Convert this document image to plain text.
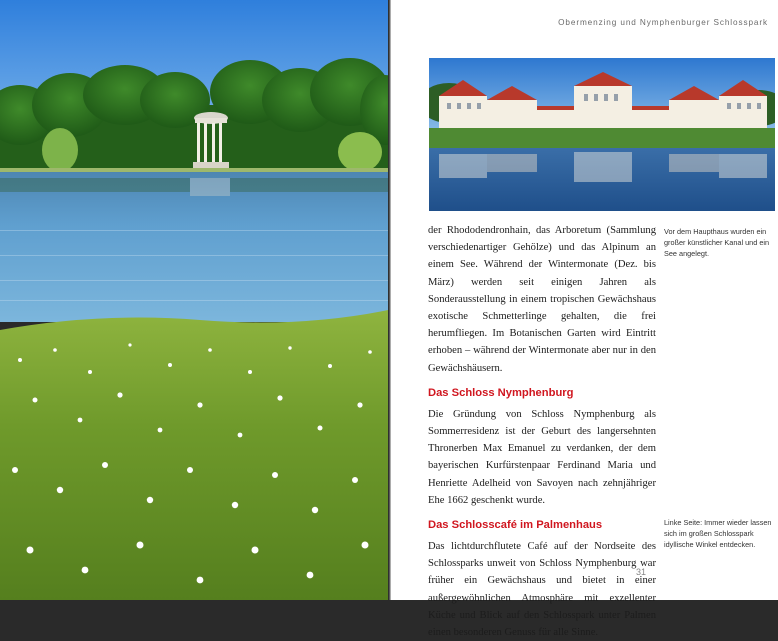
Obermenzing und Nymphenburger Schlosspark

der Rhododendronhain, das Arboretum (Sammlung verschiedenartiger Gehölze) und das Alpinum an einem See. Während der Wintermonate (Dez. bis März) werden seit einigen Jahren als Sonderausstellung in einem tropischen Gewächshaus exotische Schmetterlinge gehalten, die frei herumfliegen. Im Botanischen Garten wird Eintritt erhoben – während der Wintermonate aber nur in den Gewächshäusern.

Das Schloss Nymphenburg

Die Gründung von Schloss Nymphenburg als Sommerresidenz ist der Geburt des langersehnten Thronerben Max Emanuel zu verdanken, der dem bayerischen Kurfürstenpaar Ferdinand Maria und Henriette Adelheid von Savoyen nach zehnjähriger Ehe 1662 geschenkt wurde.

Das Schlosscafé im Palmenhaus

Das lichtdurchflutete Café auf der Nordseite des Schlossparks unweit von Schloss Nymphenburg war früher ein Gewächshaus und bietet in einer außergewöhnlichen Atmosphäre mit exzellenter Küche und Blick auf den Schlosspark unter Palmen einen besonderen Genuss für alle Sinne.

Vor dem Haupthaus wurden ein großer künstlicher Kanal und ein See angelegt.
Linke Seite: Immer wieder lassen sich im großen Schlosspark idyllische Winkel entdecken.
31
